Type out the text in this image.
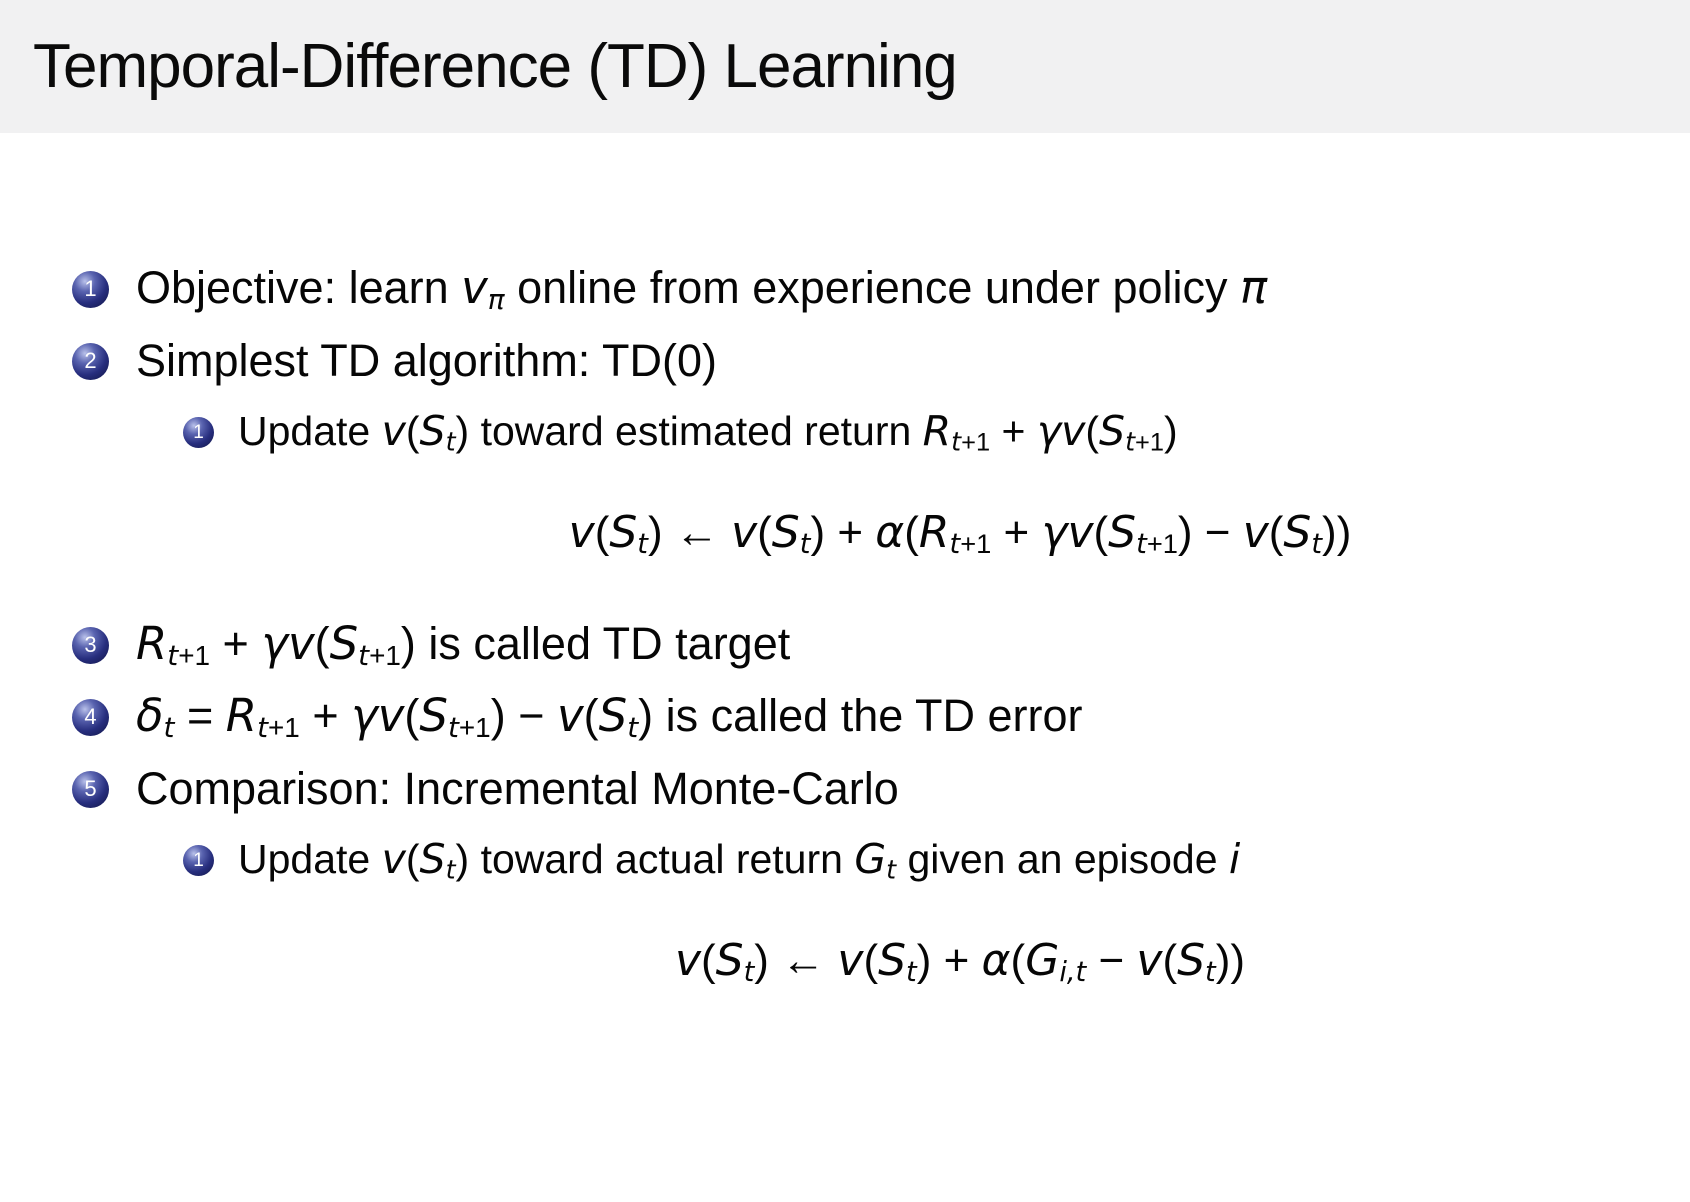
Temporal-Difference (TD) Learning
1 Objective: learn vπ online from experience under policy π
2 Simplest TD algorithm: TD(0)
1 Update v(St) toward estimated return Rt+1 + γv(St+1)
v(St) ← v(St) + α(Rt+1 + γv(St+1) − v(St))
3 Rt+1 + γv(St+1) is called TD target
4 δt = Rt+1 + γv(St+1) − v(St) is called the TD error
5 Comparison: Incremental Monte-Carlo
1 Update v(St) toward actual return Gt given an episode i
v(St) ← v(St) + α(Gi,t − v(St))
